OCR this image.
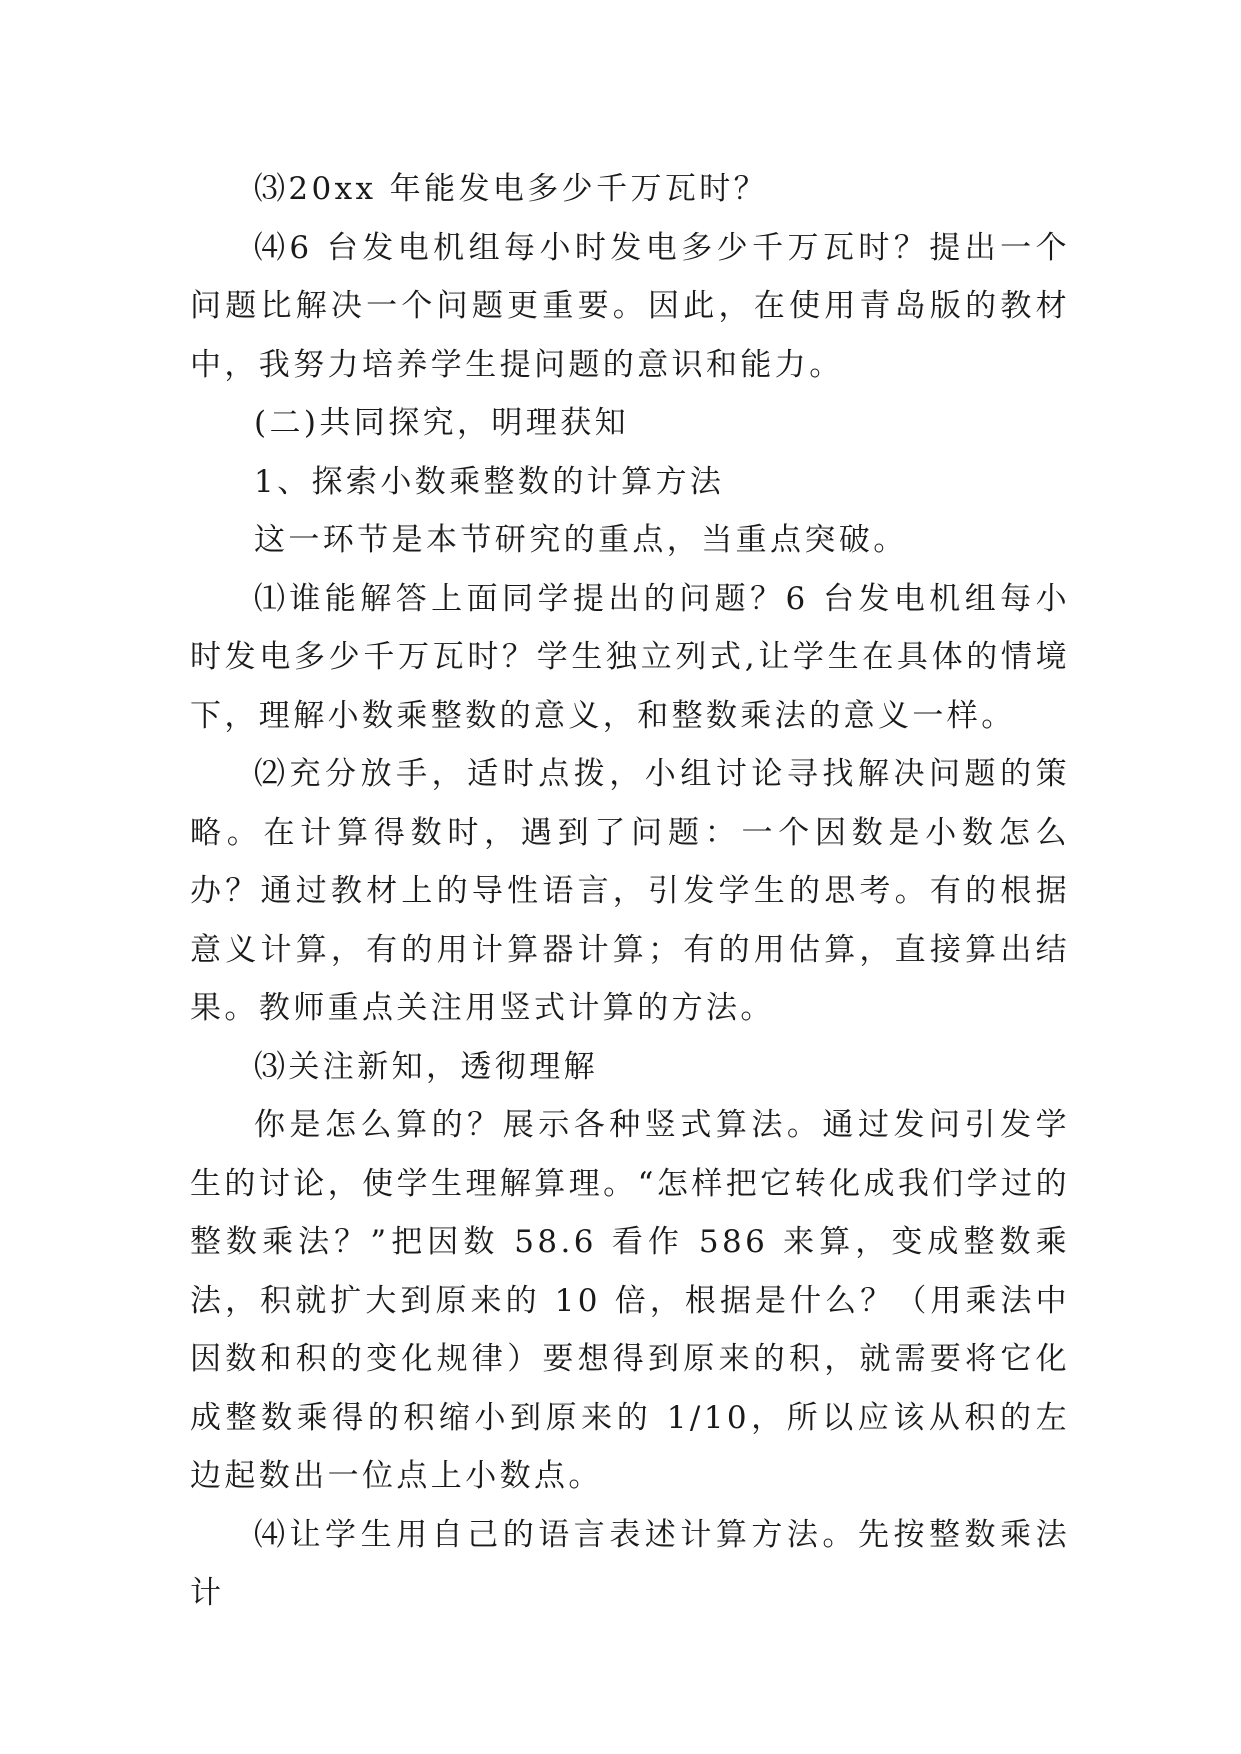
⑶20xx 年能发电多少千万瓦时？

⑷6 台发电机组每小时发电多少千万瓦时？提出一个问题比解决一个问题更重要。因此，在使用青岛版的教材中，我努力培养学生提问题的意识和能力。

(二)共同探究，明理获知

1、探索小数乘整数的计算方法

这一环节是本节研究的重点，当重点突破。

⑴谁能解答上面同学提出的问题？6 台发电机组每小时发电多少千万瓦时？学生独立列式,让学生在具体的情境下，理解小数乘整数的意义，和整数乘法的意义一样。

⑵充分放手，适时点拨，小组讨论寻找解决问题的策略。在计算得数时，遇到了问题：一个因数是小数怎么办？通过教材上的导性语言，引发学生的思考。有的根据意义计算，有的用计算器计算；有的用估算，直接算出结果。教师重点关注用竖式计算的方法。

⑶关注新知，透彻理解

你是怎么算的？展示各种竖式算法。通过发问引发学生的讨论，使学生理解算理。“怎样把它转化成我们学过的整数乘法？”把因数 58.6 看作 586 来算，变成整数乘法，积就扩大到原来的 10 倍，根据是什么？（用乘法中因数和积的变化规律）要想得到原来的积，就需要将它化成整数乘得的积缩小到原来的 1/10，所以应该从积的左边起数出一位点上小数点。

⑷让学生用自己的语言表述计算方法。先按整数乘法计
